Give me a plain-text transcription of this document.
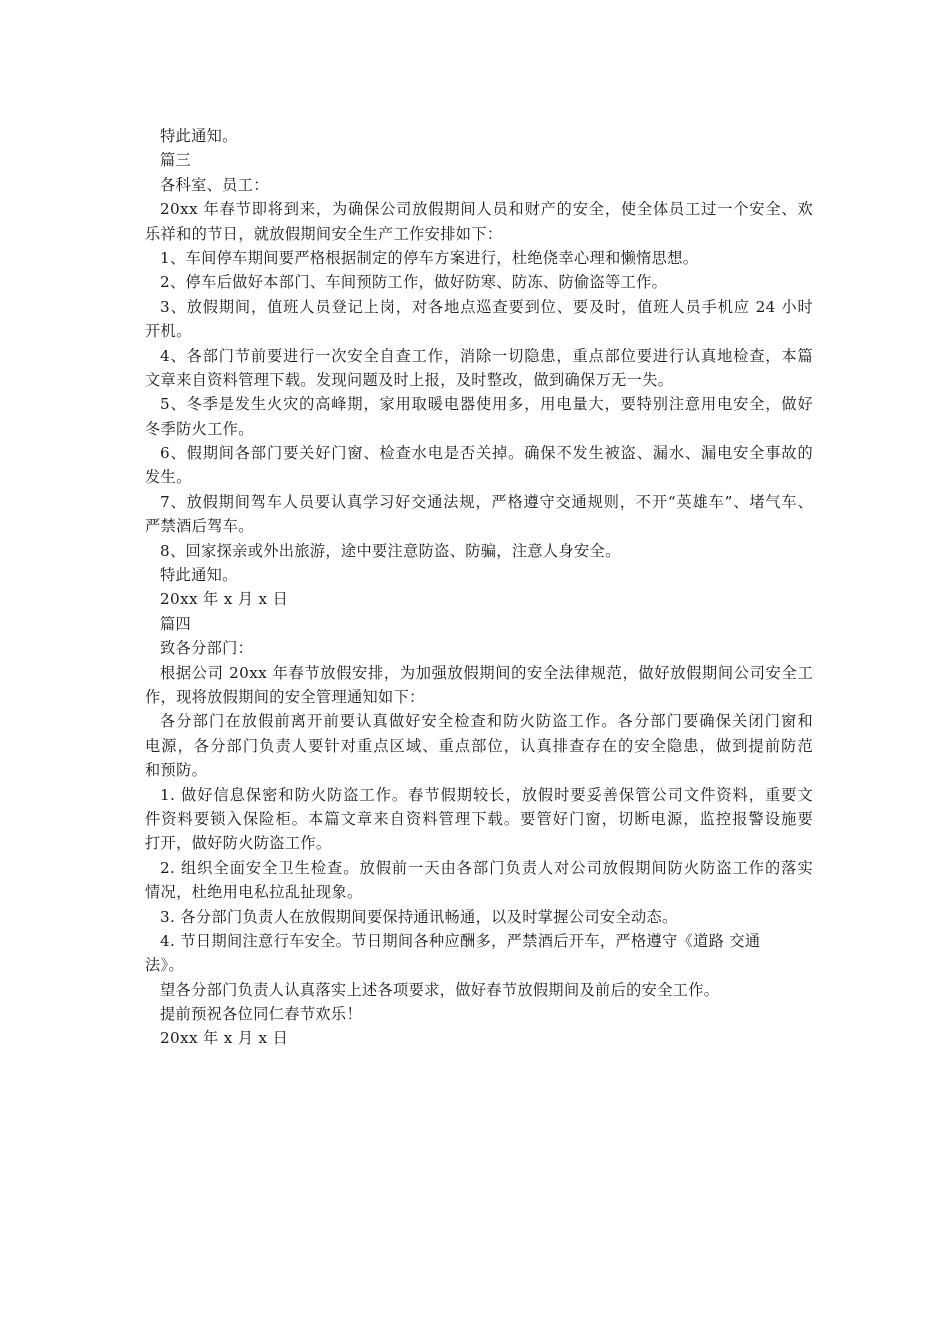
特此通知。
篇三
各科室、员工：
20xx 年春节即将到来，为确保公司放假期间人员和财产的安全，使全体员工过一个安全、欢
乐祥和的节日，就放假期间安全生产工作安排如下：
1、车间停车期间要严格根据制定的停车方案进行，杜绝侥幸心理和懒惰思想。
2、停车后做好本部门、车间预防工作，做好防寒、防冻、防偷盗等工作。
3、放假期间，值班人员登记上岗，对各地点巡查要到位、要及时，值班人员手机应 24 小时
开机。
4、各部门节前要进行一次安全自查工作，消除一切隐患，重点部位要进行认真地检查，本篇
文章来自资料管理下载。发现问题及时上报，及时整改，做到确保万无一失。
5、冬季是发生火灾的高峰期，家用取暖电器使用多，用电量大，要特别注意用电安全，做好
冬季防火工作。
6、假期间各部门要关好门窗、检查水电是否关掉。确保不发生被盗、漏水、漏电安全事故的
发生。
7、放假期间驾车人员要认真学习好交通法规，严格遵守交通规则，不开“英雄车”、堵气车、
严禁酒后驾车。
8、回家探亲或外出旅游，途中要注意防盗、防骗，注意人身安全。
特此通知。
20xx 年 x 月 x 日
篇四
致各分部门：
根据公司 20xx 年春节放假安排，为加强放假期间的安全法律规范，做好放假期间公司安全工
作，现将放假期间的安全管理通知如下：
各分部门在放假前离开前要认真做好安全检查和防火防盗工作。各分部门要确保关闭门窗和
电源，各分部门负责人要针对重点区域、重点部位，认真排查存在的安全隐患，做到提前防范
和预防。
1. 做好信息保密和防火防盗工作。春节假期较长，放假时要妥善保管公司文件资料，重要文
件资料要锁入保险柜。本篇文章来自资料管理下载。要管好门窗，切断电源，监控报警设施要
打开，做好防火防盗工作。
2. 组织全面安全卫生检查。放假前一天由各部门负责人对公司放假期间防火防盗工作的落实
情况，杜绝用电私拉乱扯现象。
3. 各分部门负责人在放假期间要保持通讯畅通，以及时掌握公司安全动态。
4. 节日期间注意行车安全。节日期间各种应酬多，严禁酒后开车，严格遵守《道路 交通
法》。
望各分部门负责人认真落实上述各项要求，做好春节放假期间及前后的安全工作。
提前预祝各位同仁春节欢乐！
20xx 年 x 月 x 日
